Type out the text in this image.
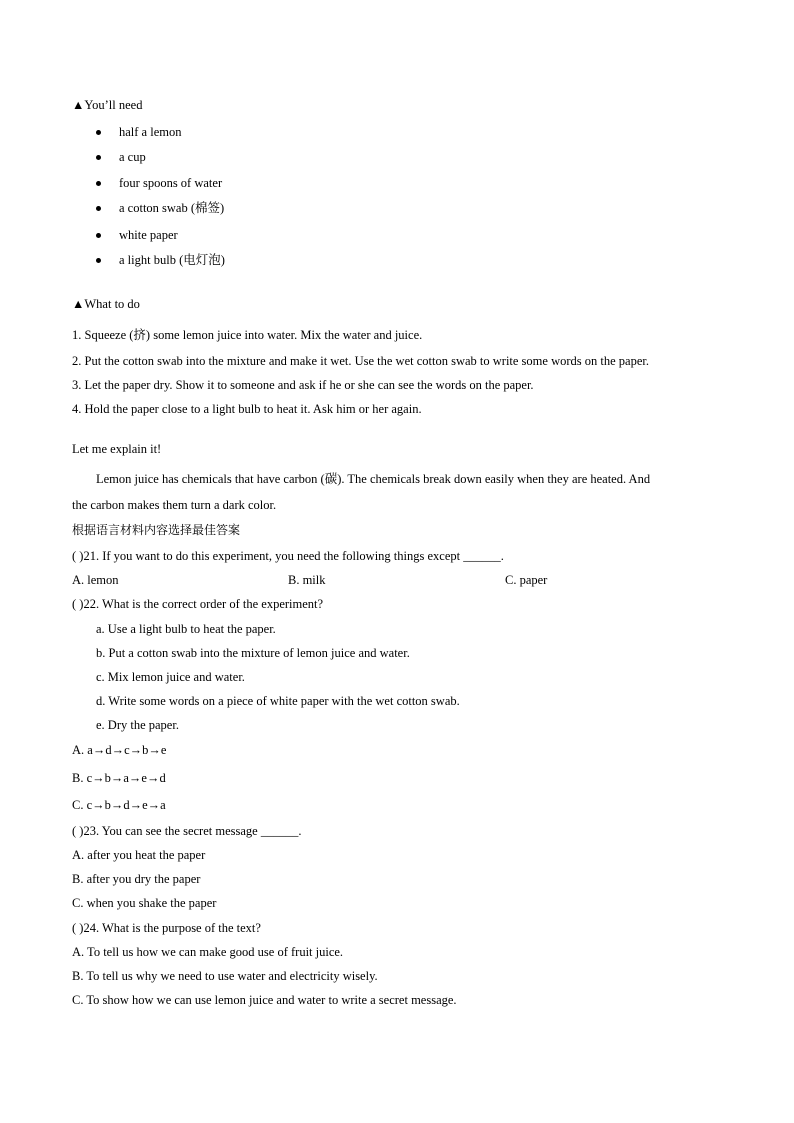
▲You’ll need
half a lemon
a cup
four spoons of water
a cotton swab (棉签)
white paper
a light bulb (电灯泡)
▲What to do
1. Squeeze (挤) some lemon juice into water. Mix the water and juice.
2. Put the cotton swab into the mixture and make it wet. Use the wet cotton swab to write some words on the paper.
3. Let the paper dry. Show it to someone and ask if he or she can see the words on the paper.
4. Hold the paper close to a light bulb to heat it. Ask him or her again.
Let me explain it!
Lemon juice has chemicals that have carbon (碳). The chemicals break down easily when they are heated. And
the carbon makes them turn a dark color.
根据语言材料内容选择最佳答案
( )21. If you want to do this experiment, you need the following things except ______.
A. lemon	B. milk	C. paper
( )22. What is the correct order of the experiment?
a. Use a light bulb to heat the paper.
b. Put a cotton swab into the mixture of lemon juice and water.
c. Mix lemon juice and water.
d. Write some words on a piece of white paper with the wet cotton swab.
e. Dry the paper.
A. a→d→c→b→e
B. c→b→a→e→d
C. c→b→d→e→a
( )23. You can see the secret message ______.
A. after you heat the paper
B. after you dry the paper
C. when you shake the paper
( )24. What is the purpose of the text?
A. To tell us how we can make good use of fruit juice.
B. To tell us why we need to use water and electricity wisely.
C. To show how we can use lemon juice and water to write a secret message.
